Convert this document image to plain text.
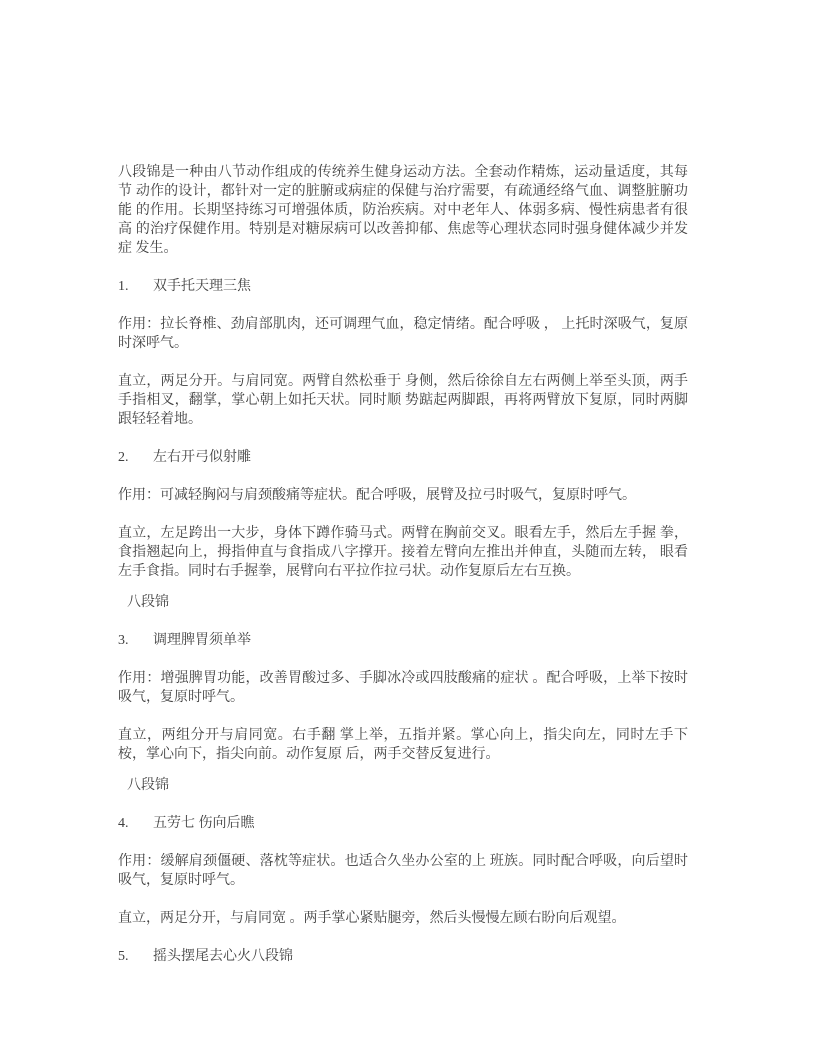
八段锦是一种由八节动作组成的传统养生健身运动方法。全套动作精炼，运动量适度，其每节 动作的设计，都针对一定的脏腑或病症的保健与治疗需要，有疏通经络气血、调整脏腑功能 的作用。长期坚持练习可增强体质，防治疾病。对中老年人、体弱多病、慢性病患者有很高 的治疗保健作用。特别是对糖尿病可以改善抑郁、焦虑等心理状态同时强身健体减少并发症 发生。

1.	双手托天理三焦

作用：拉长脊椎、劲肩部肌肉，还可调理气血，稳定情绪。配合呼吸 ， 上托时深吸气，复原时深呼气。

直立，两足分开。与肩同宽。两臂自然松垂于 身侧，然后徐徐自左右两侧上举至头顶，两手手指相叉，翻掌，掌心朝上如托天状。同时顺 势踮起两脚跟，再将两臂放下复原，同时两脚跟轻轻着地。

2.	左右开弓似射雕

作用：可减轻胸闷与肩颈酸痛等症状。配合呼吸，展臂及拉弓时吸气，复原时呼气。

直立，左足跨出一大步，身体下蹲作骑马式。两臂在胸前交叉。眼看左手，然后左手握 拳，食指翘起向上，拇指伸直与食指成八字撑开。接着左臂向左推出并伸直，头随而左转， 眼看左手食指。同时右手握拳，展臂向右平拉作拉弓状。动作复原后左右互换。

八段锦

3.	调理脾胃须单举

作用：增强脾胃功能，改善胃酸过多、手脚冰冷或四肢酸痛的症状 。配合呼吸，上举下按时吸气，复原时呼气。

直立，两组分开与肩同宽。右手翻 掌上举，五指并紧。掌心向上，指尖向左，同时左手下桉，掌心向下，指尖向前。动作复原 后，两手交替反复进行。

八段锦

4.	五劳七 伤向后瞧

作用：缓解肩颈僵硬、落枕等症状。也适合久坐办公室的上 班族。同时配合呼吸，向后望时吸气，复原时呼气。

直立，两足分开，与肩同宽 。两手掌心紧贴腿旁，然后头慢慢左顾右盼向后观望。

5.	摇头摆尾去心火八段锦
